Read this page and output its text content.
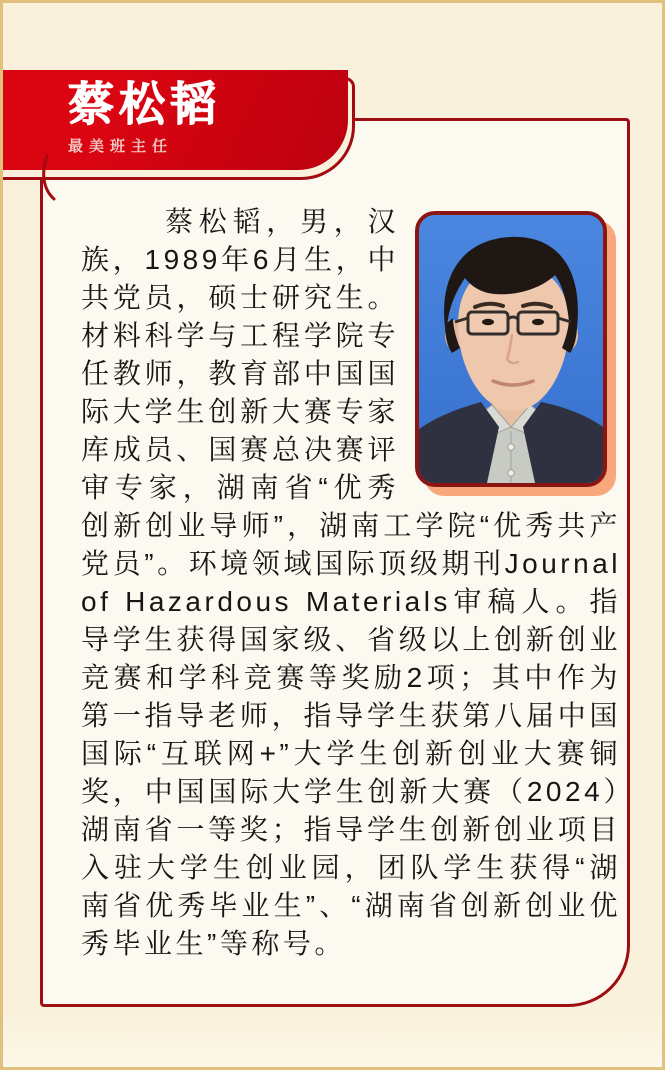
蔡松韬，男，汉族，1989年6月生，中共党员，硕士研究生。材料科学与工程学院专任教师，教育部中国国际大学生创新大赛专家库成员、国赛总决赛评审专家，湖南省“优秀创新创业导师”，湖南工学院“优秀共产党员”。环境领域国际顶级期刊Journal of Hazardous Materials审稿人。指导学生获得国家级、省级以上创新创业竞赛和学科竞赛等奖励2项；其中作为第一指导老师，指导学生获第八届中国国际“互联网+”大学生创新创业大赛铜奖，中国国际大学生创新大赛（2024）湖南省一等奖；指导学生创新创业项目入驻大学生创业园，团队学生获得“湖南省优秀毕业生”、“湖南省创新创业优秀毕业生”等称号。

蔡松韬
最美班主任
